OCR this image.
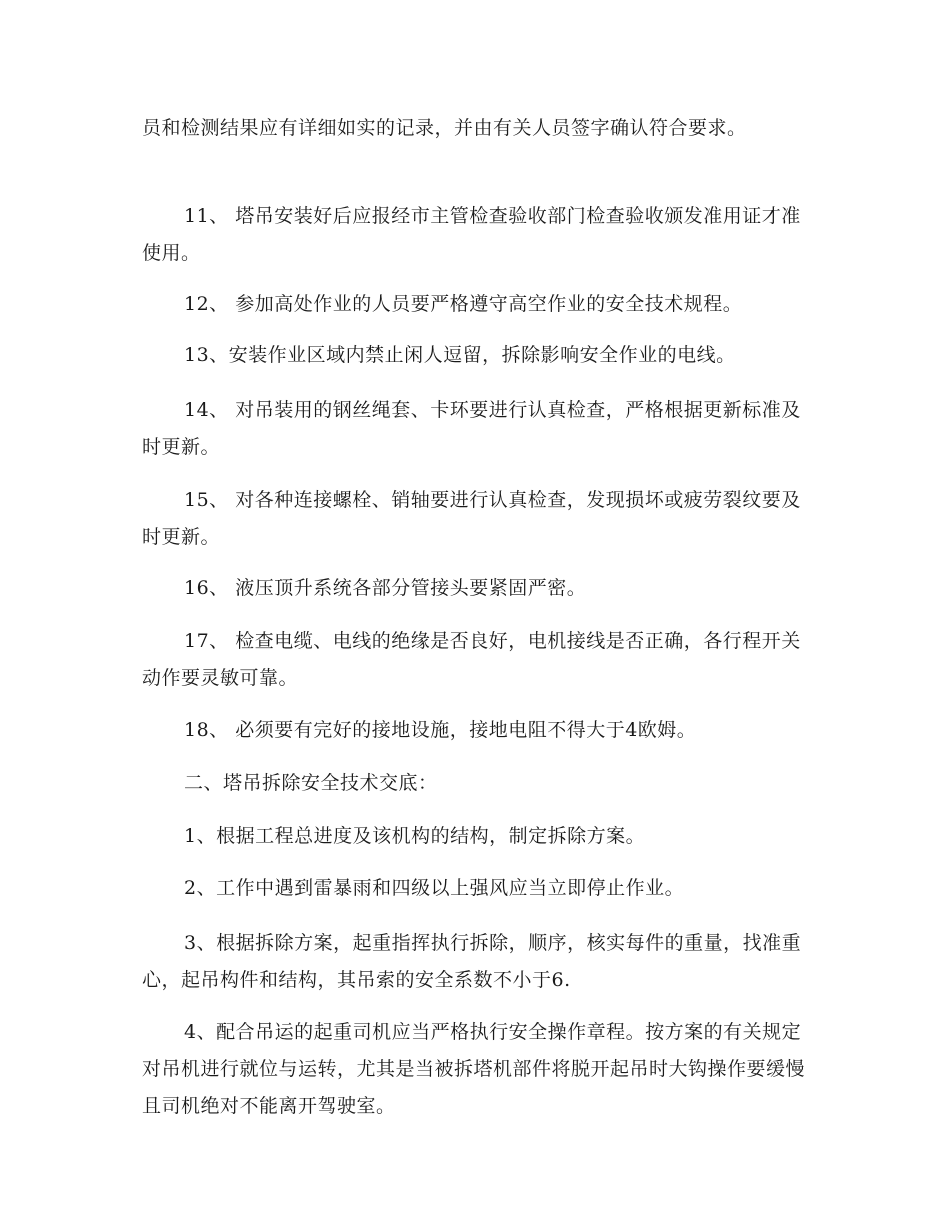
员和检测结果应有详细如实的记录，并由有关人员签字确认符合要求。

11、 塔吊安装好后应报经市主管检查验收部门检查验收颁发准用证才准使用。

12、 参加高处作业的人员要严格遵守高空作业的安全技术规程。

13、安装作业区域内禁止闲人逗留，拆除影响安全作业的电线。

14、 对吊装用的钢丝绳套、卡环要进行认真检查，严格根据更新标准及时更新。

15、 对各种连接螺栓、销轴要进行认真检查，发现损坏或疲劳裂纹要及时更新。

16、 液压顶升系统各部分管接头要紧固严密。

17、 检查电缆、电线的绝缘是否良好，电机接线是否正确，各行程开关动作要灵敏可靠。

18、 必须要有完好的接地设施，接地电阻不得大于4欧姆。

二、塔吊拆除安全技术交底：

1、根据工程总进度及该机构的结构，制定拆除方案。

2、工作中遇到雷暴雨和四级以上强风应当立即停止作业。

3、根据拆除方案，起重指挥执行拆除，顺序，核实每件的重量，找准重心，起吊构件和结构，其吊索的安全系数不小于6.

4、配合吊运的起重司机应当严格执行安全操作章程。按方案的有关规定对吊机进行就位与运转，尤其是当被拆塔机部件将脱开起吊时大钩操作要缓慢且司机绝对不能离开驾驶室。
